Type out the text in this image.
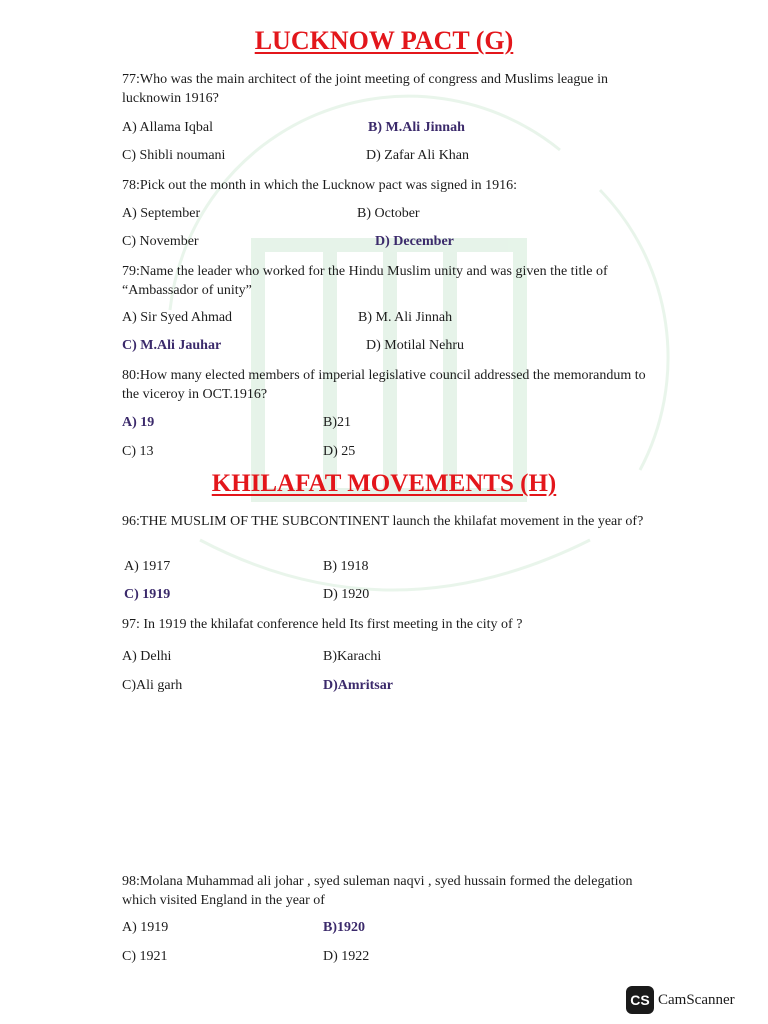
LUCKNOW PACT (G)
77:Who was the main architect of the joint meeting of congress and Muslims league in lucknowin 1916?
A) Allama Iqbal	B) M.Ali Jinnah
C) Shibli noumani	D) Zafar Ali Khan
78:Pick out the month in which the Lucknow pact was signed in 1916:
A) September	B) October
C) November	D) December
79:Name the leader who worked for the Hindu Muslim unity and was given the title of “Ambassador of unity”
A) Sir Syed Ahmad	B) M. Ali Jinnah
C) M.Ali Jauhar	D) Motilal Nehru
80:How many elected members of imperial legislative council addressed the memorandum to the viceroy in OCT.1916?
A) 19	B)21
C) 13	D) 25
KHILAFAT MOVEMENTS (H)
96:THE MUSLIM OF THE SUBCONTINENT launch the khilafat movement in the year of?
A) 1917	B) 1918
C) 1919	D) 1920
97: In 1919 the khilafat conference held Its first meeting in the city of ?
A) Delhi	B)Karachi
C)Ali garh	D)Amritsar
98:Molana Muhammad ali johar , syed suleman naqvi , syed hussain formed the delegation which visited England in the year of
A) 1919	B)1920
C) 1921	D) 1922
CS CamScanner
